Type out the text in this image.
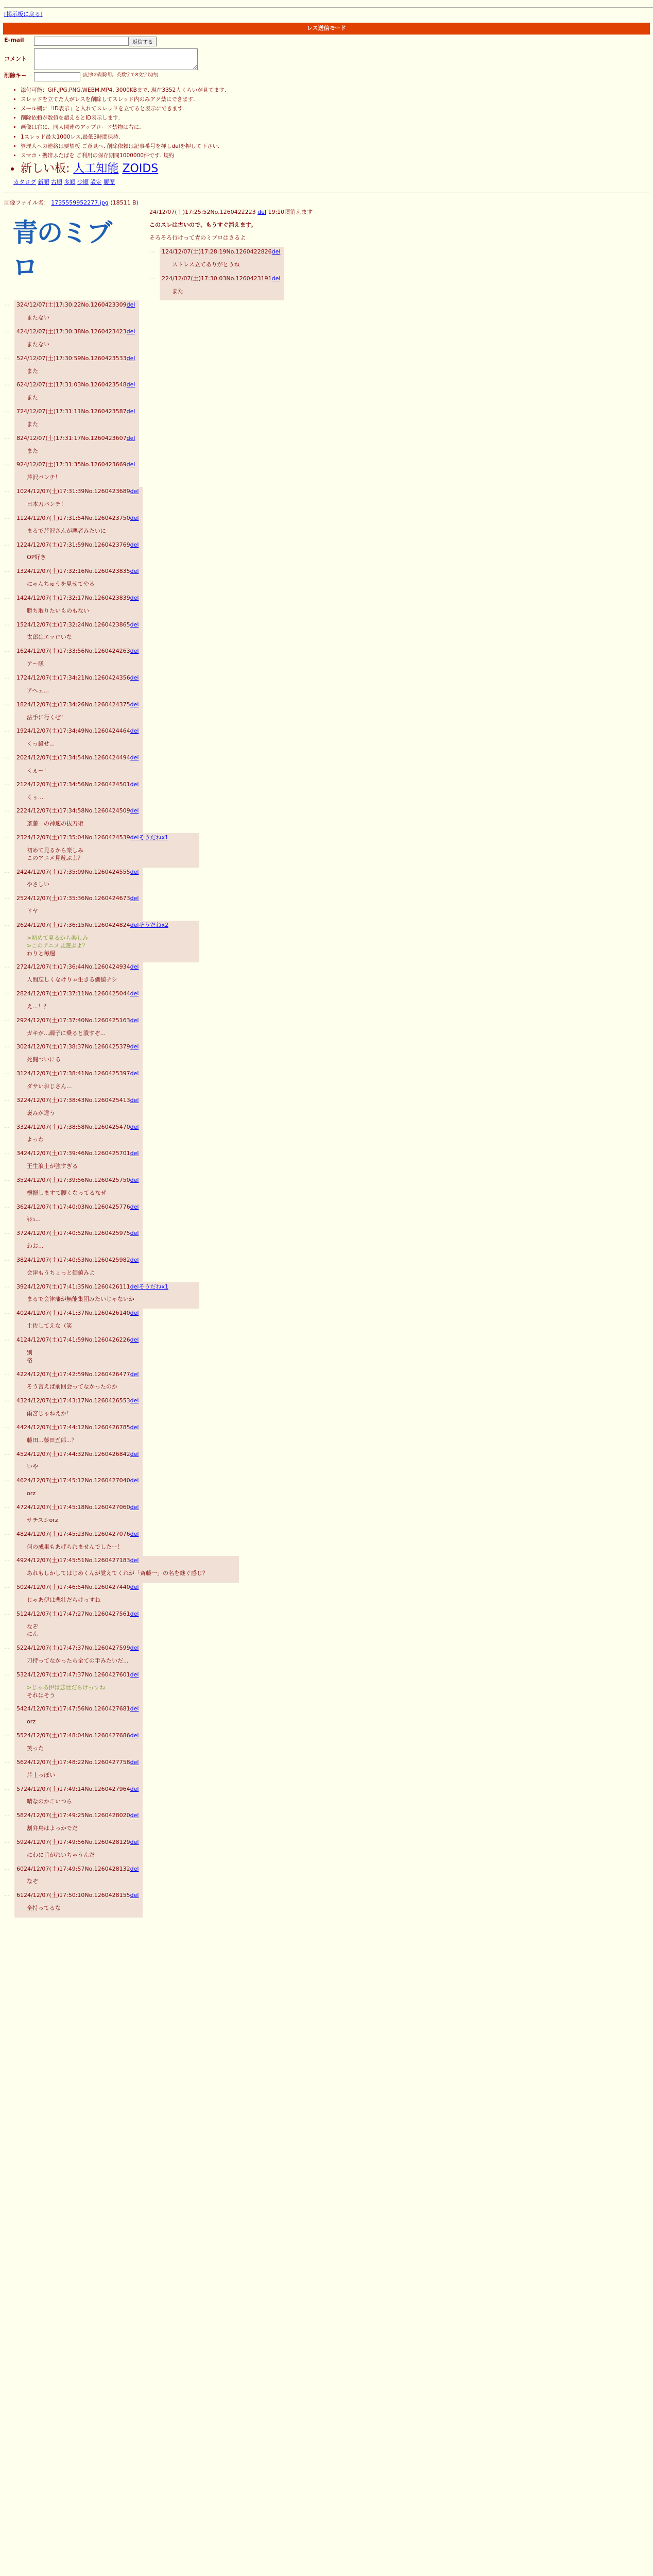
[掲示板に戻る]
レス送信モード
E-mail	返信する
コメント
削除キー	(記事の削除用。英数字で8文字以内)
• 添付可能：GIF,JPG,PNG,WEBM,MP4. 3000KBまで. 現在3352人くらいが見てます.
• スレッドを立てた人がレスを削除してスレッド内のみアク禁にできます.
• メール欄に「ID表示」と入れてスレッドを立てると表示にできます.
• 削除依頼が数値を超えるとID表示します.
• 画像は右に、同人関連のアップロード禁物は右に.
• 1スレッド最大1000レス,最低3時間保持.
• 管理人への連絡は要望板 ご意見へ. 削除依頼は記事番号を押しdelを押して下さい.
• スマホ・携帯ふたばを ご利用の保存期間1000000件です. 規約
• 新しい板: 人工知能 ZOIDS
カタログ 新順 古順 多順 少順 設定 履歴
画像ファイル名： 1735559952277.jpg (18511 B)
青のミブロ
24/12/07(土)17:25:52No.1260422223 del 19:10頃消えます

このスレは古いので、もうすぐ消えます。

そろそろ行けって青のミブロはさるよ

…	124/12/07(土)17:28:19No.1260422826del
ストレス立てありがとうね
…	224/12/07(土)17:30:03No.1260423191del
また
…	324/12/07(土)17:30:22No.1260423309del
またない
…	424/12/07(土)17:30:38No.1260423423del
またない
…	524/12/07(土)17:30:59No.1260423533del
また
…	624/12/07(土)17:31:03No.1260423548del
また
…	724/12/07(土)17:31:11No.1260423587del
また
…	824/12/07(土)17:31:17No.1260423607del
また
…	924/12/07(土)17:31:35No.1260423669del
芹沢パンチ！
…	1024/12/07(土)17:31:39No.1260423689del
日本刀パンチ！
…	1124/12/07(土)17:31:54No.1260423750del
まるで芹沢さんが悪者みたいに
…	1224/12/07(土)17:31:59No.1260423769del
OP好き
…	1324/12/07(土)17:32:16No.1260423835del
にゃんちゅうを見せてやる
…	1424/12/07(土)17:32:17No.1260423839del
勝ち取りたいものもない
…	1524/12/07(土)17:32:24No.1260423865del
太郎はエッロいな
…	1624/12/07(土)17:33:56No.1260424263del
ア〜隊
…	1724/12/07(土)17:34:21No.1260424356del
アヘェ...
…	1824/12/07(土)17:34:26No.1260424375del
法手に行くぜ！
…	1924/12/07(土)17:34:49No.1260424464del
くっ殺せ...
…	2024/12/07(土)17:34:54No.1260424494del
くぇー！
…	2124/12/07(土)17:34:56No.1260424501del
くぅ...
…	2224/12/07(土)17:34:58No.1260424509del
斎藤一の神速の抜刀術
…	2324/12/07(土)17:35:04No.1260424539delそうだねx1
初めて見るから楽しみ
このアニメ見遊ぶよ？
…	2424/12/07(土)17:35:09No.1260424555del
やさしい
…	2524/12/07(土)17:35:36No.1260424673del
ドヤ
…	2624/12/07(土)17:36:15No.1260424824delそうだねx2
>初めて見るから楽しみ
>このアニメ見遊ぶよ？
わりと毎週
…	2724/12/07(土)17:36:44No.1260424934del
人間忘しくなけりゃ生きる価値ナシ
…	2824/12/07(土)17:37:11No.1260425044del
え...！？
…	2924/12/07(土)17:37:40No.1260425163del
ガキが...調子に乗ると潰すぞ...
…	3024/12/07(土)17:38:37No.1260425379del
死闘ついにる
…	3124/12/07(土)17:38:41No.1260425397del
ダサいおじさん...
…	3224/12/07(土)17:38:43No.1260425413del
褒みが違う
…	3324/12/07(土)17:38:58No.1260425470del
よっわ
…	3424/12/07(土)17:39:46No.1260425701del
王生浪士が強すぎる
…	3524/12/07(土)17:39:56No.1260425750del
横振しますて腰くなってるなぜ
…	3624/12/07(土)17:40:03No.1260425776del
ｷｼｭ...
…	3724/12/07(土)17:40:52No.1260425975del
わお...
…	3824/12/07(土)17:40:53No.1260425982del
会津もうちょっと価値みよ
…	3924/12/07(土)17:41:35No.1260426111delそうだねx1
まるで会津藩が無能集団みたいじゃないか
…	4024/12/07(土)17:41:37No.1260426140del
土佐してえな（笑
…	4124/12/07(土)17:41:59No.1260426226del
別
格
…	4224/12/07(土)17:42:59No.1260426477del
そう言えば前回会ってなかったのか
…	4324/12/07(土)17:43:17No.1260426553del
雨宮じゃねえか！
…	4424/12/07(土)17:44:12No.1260426785del
藤田...藤田五郎...？
…	4524/12/07(土)17:44:32No.1260426842del
いや
…	4624/12/07(土)17:45:12No.1260427040del
orz
…	4724/12/07(土)17:45:18No.1260427060del
サチスシorz
…	4824/12/07(土)17:45:23No.1260427076del
何の成果もあげられませんでしたー！
…	4924/12/07(土)17:45:51No.1260427183del
あれもしかしてはじめくんが覚えてくれが「斎藤一」の名を継ぐ感じ？
…	5024/12/07(土)17:46:54No.1260427440del
じゃあ伊は悲壮だらけっすね
…	5124/12/07(土)17:47:27No.1260427561del
なぞ
にん
…	5224/12/07(土)17:47:37No.1260427599del
刀持ってなかったら全ての手みたいだ...
…	5324/12/07(土)17:47:37No.1260427601del
>じゃあ伊は悲壮だらけっすね
それはそう
…	5424/12/07(土)17:47:56No.1260427681del
orz
…	5524/12/07(土)17:48:04No.1260427686del
笑った
…	5624/12/07(土)17:48:22No.1260427758del
芹士っぽい
…	5724/12/07(土)17:49:14No.1260427964del
晴なのかこいつら
…	5824/12/07(土)17:49:25No.1260428020del
割弁鳥はよっかでだ
…	5924/12/07(土)17:49:56No.1260428129del
にわに旨がれいちゃうんだ
…	6024/12/07(土)17:49:57No.1260428132del
なぞ
…	6124/12/07(土)17:50:10No.1260428155del
全持ってるな
